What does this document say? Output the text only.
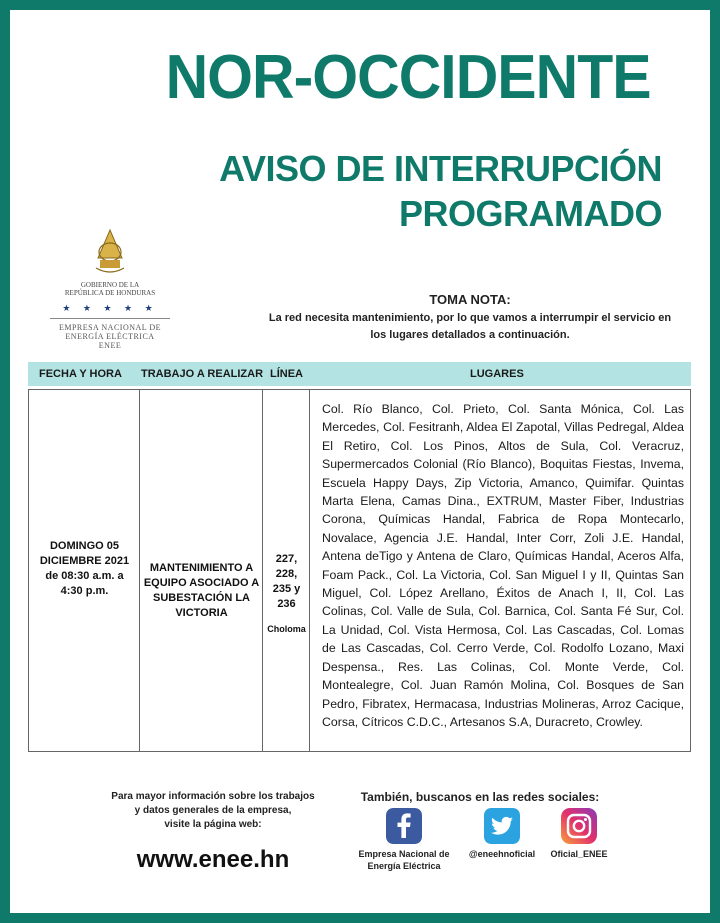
NOR-OCCIDENTE
AVISO DE INTERRUPCIÓN
PROGRAMADO
GOBIERNO DE LA
REPÚBLICA DE HONDURAS
★ ★ ★ ★ ★
EMPRESA NACIONAL DE
ENERGÍA ELÉCTRICA
ENEE
TOMA NOTA:
La red necesita mantenimiento, por lo que vamos a interrumpir el servicio en
los lugares detallados a continuación.
FECHA Y HORA TRABAJO A REALIZAR LÍNEA	LUGARES
DOMINGO 05
DICIEMBRE 2021
de 08:30 a.m. a
4:30 p.m.
MANTENIMIENTO A
EQUIPO ASOCIADO A
SUBESTACIÓN LA
VICTORIA
227,
228,
235 y
236
Choloma
Col. Río Blanco, Col. Prieto, Col. Santa Mónica, Col. Las Mercedes, Col. Fesitranh, Aldea El Zapotal, Villas Pedregal, Aldea El Retiro, Col. Los Pinos, Altos de Sula, Col. Veracruz, Supermercados Colonial (Río Blanco), Boquitas Fiestas, Invema, Escuela Happy Days, Zip Victoria, Amanco, Quimifar. Quintas Marta Elena, Camas Dina., EXTRUM, Master Fiber, Industrias Corona, Químicas Handal, Fabrica de Ropa Montecarlo, Novalace, Agencia J.E. Handal, Inter Corr, Zoli J.E. Handal, Antena deTigo y Antena de Claro, Químicas Handal, Aceros Alfa, Foam Pack., Col. La Victoria, Col. San Miguel I y II, Quintas San Miguel, Col. López Arellano, Éxitos de Anach I, II, Col. Las Colinas, Col. Valle de Sula, Col. Barnica, Col. Santa Fé Sur, Col. La Unidad, Col. Vista Hermosa, Col. Las Cascadas, Col. Lomas de Las Cascadas, Col. Cerro Verde, Col. Rodolfo Lozano, Maxi Despensa., Res. Las Colinas, Col. Monte Verde, Col. Montealegre, Col. Juan Ramón Molina, Col. Bosques de San Pedro, Fibratex, Hermacasa, Industrias Molineras, Arroz Cacique, Corsa, Cítricos C.D.C., Artesanos S.A, Duracreto, Crowley.
Para mayor información sobre los trabajos
y datos generales de la empresa,
visite la página web:
www.enee.hn
También, buscanos en las redes sociales:
Empresa Nacional de
Energía Eléctrica
@eneehnoficial	Oficial_ENEE
